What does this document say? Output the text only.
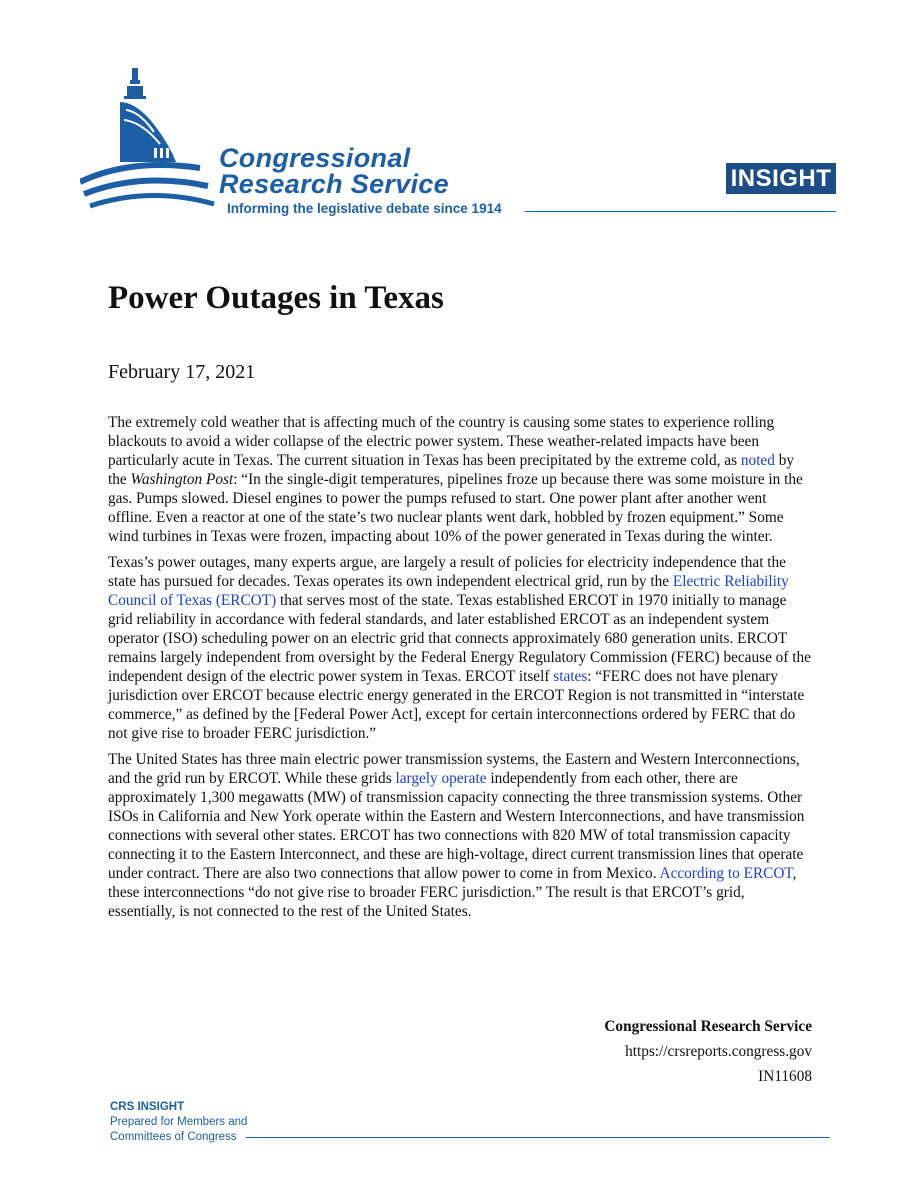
Congressional
Research Service
Informing the legislative debate since 1914
INSIGHT
Power Outages in Texas
February 17, 2021

The extremely cold weather that is affecting much of the country is causing some states to experience rolling blackouts to avoid a wider collapse of the electric power system. These weather-related impacts have been particularly acute in Texas. The current situation in Texas has been precipitated by the extreme cold, as noted by the Washington Post: “In the single-digit temperatures, pipelines froze up because there was some moisture in the gas. Pumps slowed. Diesel engines to power the pumps refused to start. One power plant after another went offline. Even a reactor at one of the state’s two nuclear plants went dark, hobbled by frozen equipment.” Some wind turbines in Texas were frozen, impacting about 10% of the power generated in Texas during the winter.

Texas’s power outages, many experts argue, are largely a result of policies for electricity independence that the state has pursued for decades. Texas operates its own independent electrical grid, run by the Electric Reliability Council of Texas (ERCOT) that serves most of the state. Texas established ERCOT in 1970 initially to manage grid reliability in accordance with federal standards, and later established ERCOT as an independent system operator (ISO) scheduling power on an electric grid that connects approximately 680 generation units. ERCOT remains largely independent from oversight by the Federal Energy Regulatory Commission (FERC) because of the independent design of the electric power system in Texas. ERCOT itself states: “FERC does not have plenary jurisdiction over ERCOT because electric energy generated in the ERCOT Region is not transmitted in “interstate commerce,” as defined by the [Federal Power Act], except for certain interconnections ordered by FERC that do not give rise to broader FERC jurisdiction.”

The United States has three main electric power transmission systems, the Eastern and Western Interconnections, and the grid run by ERCOT. While these grids largely operate independently from each other, there are approximately 1,300 megawatts (MW) of transmission capacity connecting the three transmission systems. Other ISOs in California and New York operate within the Eastern and Western Interconnections, and have transmission connections with several other states. ERCOT has two connections with 820 MW of total transmission capacity connecting it to the Eastern Interconnect, and these are high-voltage, direct current transmission lines that operate under contract. There are also two connections that allow power to come in from Mexico. According to ERCOT, these interconnections “do not give rise to broader FERC jurisdiction.” The result is that ERCOT’s grid, essentially, is not connected to the rest of the United States.

Congressional Research Service
https://crsreports.congress.gov
IN11608
CRS INSIGHT
Prepared for Members and
Committees of Congress
